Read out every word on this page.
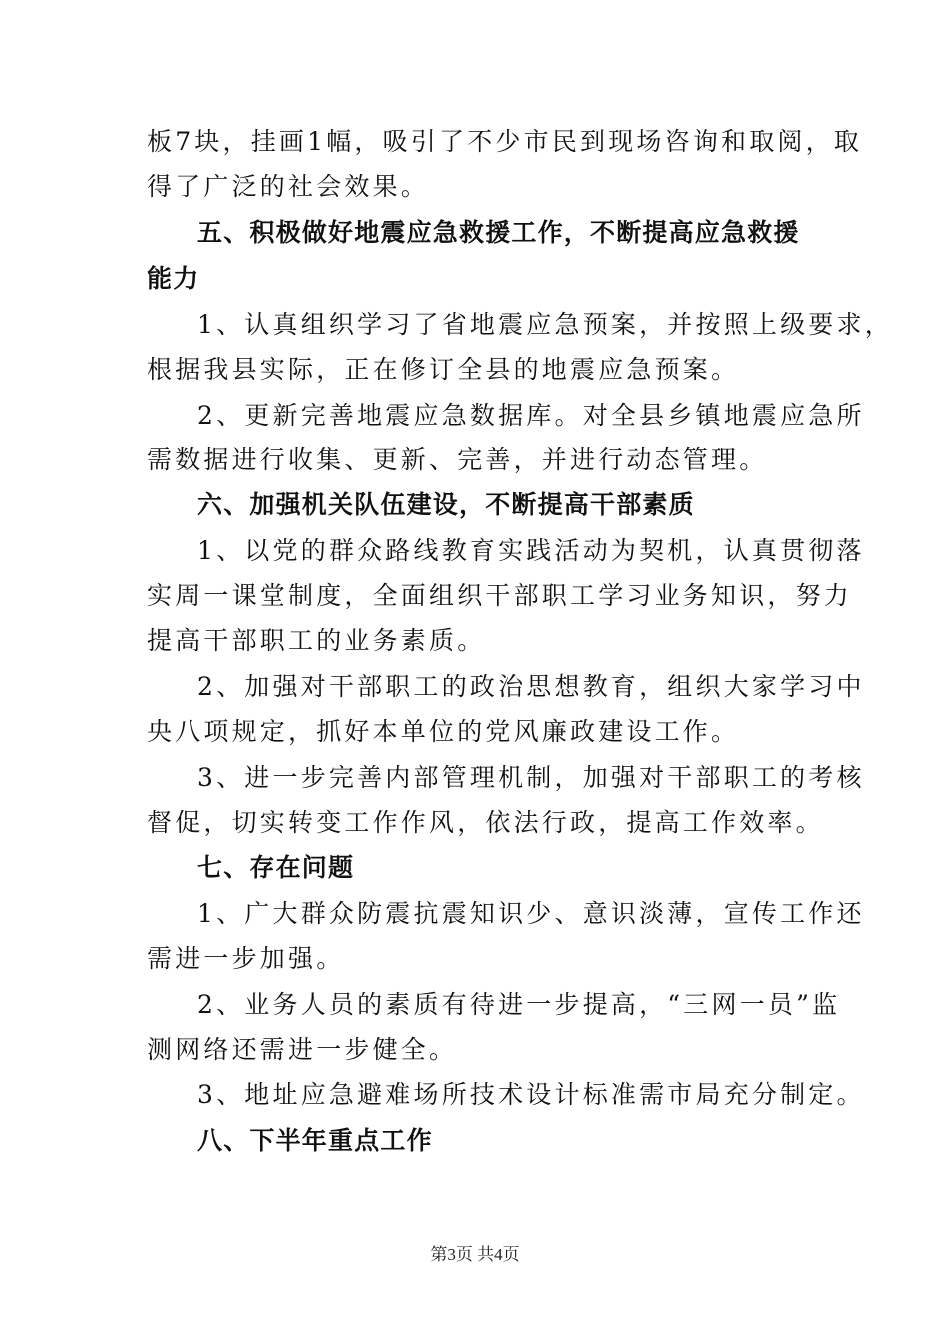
板7块，挂画1幅，吸引了不少市民到现场咨询和取阅，取
得了广泛的社会效果。
五、积极做好地震应急救援工作，不断提高应急救援
能力
1、认真组织学习了省地震应急预案，并按照上级要求，
根据我县实际，正在修订全县的地震应急预案。
2、更新完善地震应急数据库。对全县乡镇地震应急所
需数据进行收集、更新、完善，并进行动态管理。
六、加强机关队伍建设，不断提高干部素质
1、以党的群众路线教育实践活动为契机，认真贯彻落
实周一课堂制度，全面组织干部职工学习业务知识，努力
提高干部职工的业务素质。
2、加强对干部职工的政治思想教育，组织大家学习中
央八项规定，抓好本单位的党风廉政建设工作。
3、进一步完善内部管理机制，加强对干部职工的考核
督促，切实转变工作作风，依法行政，提高工作效率。
七、存在问题
1、广大群众防震抗震知识少、意识淡薄，宣传工作还
需进一步加强。
2、业务人员的素质有待进一步提高，“三网一员”监
测网络还需进一步健全。
3、地址应急避难场所技术设计标准需市局充分制定。
八、下半年重点工作
第3页 共4页
